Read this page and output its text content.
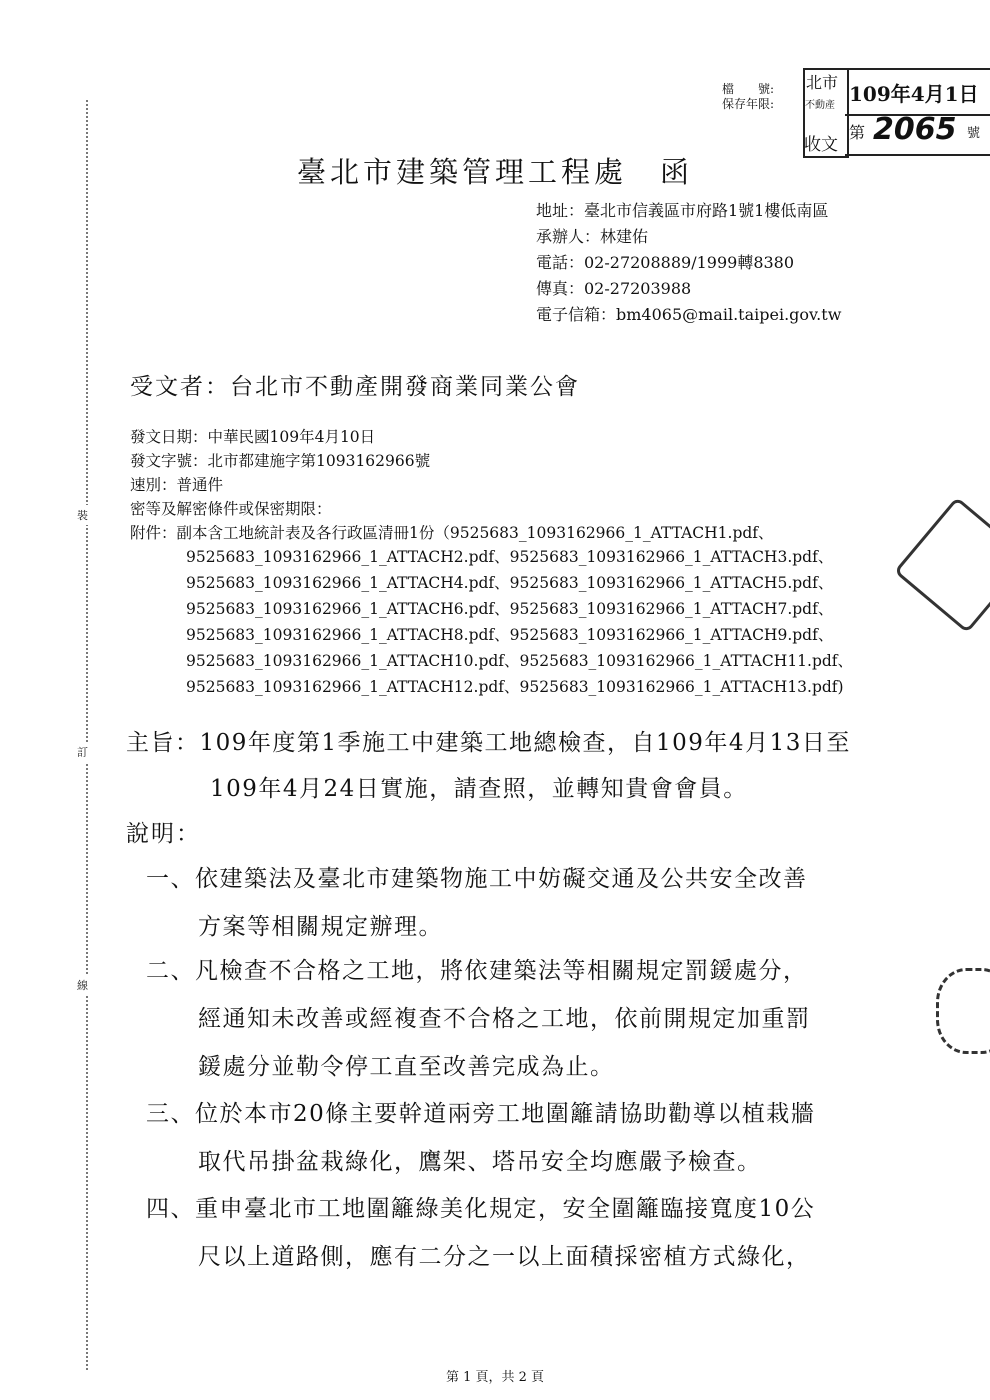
裝
訂
線
檔　　號:
保存年限:
北市
不動產
收文
109年4月1日
第 2065 號
臺北市建築管理工程處　函
地址：臺北市信義區市府路1號1樓低南區
承辦人：林建佑
電話：02-27208889/1999轉8380
傳真：02-27203988
電子信箱：bm4065@mail.taipei.gov.tw
受文者：台北市不動產開發商業同業公會
發文日期：中華民國109年4月10日
發文字號：北市都建施字第1093162966號
速別：普通件
密等及解密條件或保密期限：
附件：副本含工地統計表及各行政區清冊1份（9525683_1093162966_1_ATTACH1.pdf、
9525683_1093162966_1_ATTACH2.pdf、9525683_1093162966_1_ATTACH3.pdf、
9525683_1093162966_1_ATTACH4.pdf、9525683_1093162966_1_ATTACH5.pdf、
9525683_1093162966_1_ATTACH6.pdf、9525683_1093162966_1_ATTACH7.pdf、
9525683_1093162966_1_ATTACH8.pdf、9525683_1093162966_1_ATTACH9.pdf、
9525683_1093162966_1_ATTACH10.pdf、9525683_1093162966_1_ATTACH11.pdf、
9525683_1093162966_1_ATTACH12.pdf、9525683_1093162966_1_ATTACH13.pdf)
主旨：109年度第1季施工中建築工地總檢查，自109年4月13日至
109年4月24日實施，請查照，並轉知貴會會員。
說明：
一、依建築法及臺北市建築物施工中妨礙交通及公共安全改善
方案等相關規定辦理。
二、凡檢查不合格之工地，將依建築法等相關規定罰鍰處分，
經通知未改善或經複查不合格之工地，依前開規定加重罰
鍰處分並勒令停工直至改善完成為止。
三、位於本市20條主要幹道兩旁工地圍籬請協助勸導以植栽牆
取代吊掛盆栽綠化，鷹架、塔吊安全均應嚴予檢查。
四、重申臺北市工地圍籬綠美化規定，安全圍籬臨接寬度10公
尺以上道路側，應有二分之一以上面積採密植方式綠化，
第 1 頁，共 2 頁
